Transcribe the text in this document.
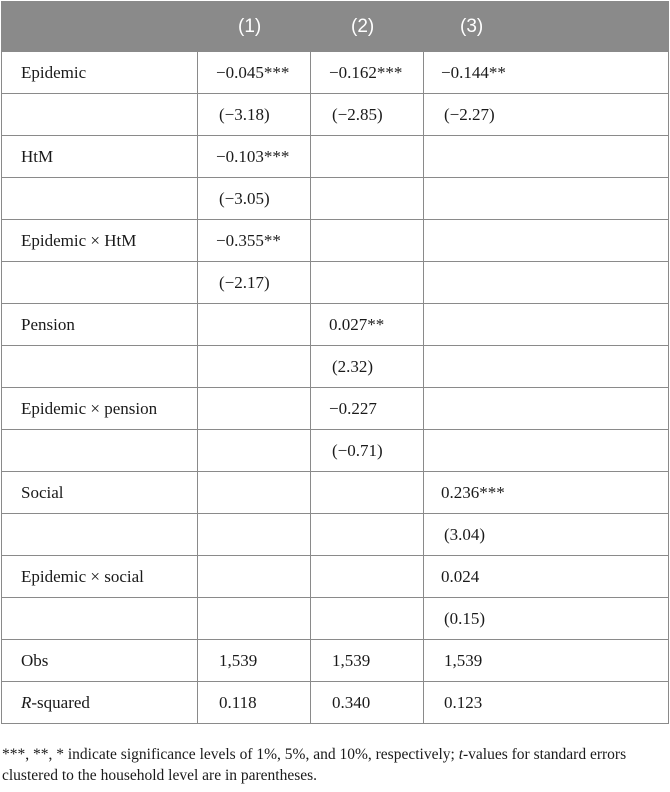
	(1)	(2)	(3)
Epidemic	−0.045***	−0.162***	−0.144**
	(−3.18)	(−2.85)	(−2.27)
HtM	−0.103***		
	(−3.05)		
Epidemic × HtM	−0.355**		
	(−2.17)		
Pension		0.027**	
		(2.32)	
Epidemic × pension		−0.227	
		(−0.71)	
Social			0.236***
			(3.04)
Epidemic × social			0.024
			(0.15)
Obs	1,539	1,539	1,539
R-squared	0.118	0.340	0.123
***, **, * indicate significance levels of 1%, 5%, and 10%, respectively; t-values for standard errors clustered to the household level are in parentheses.
